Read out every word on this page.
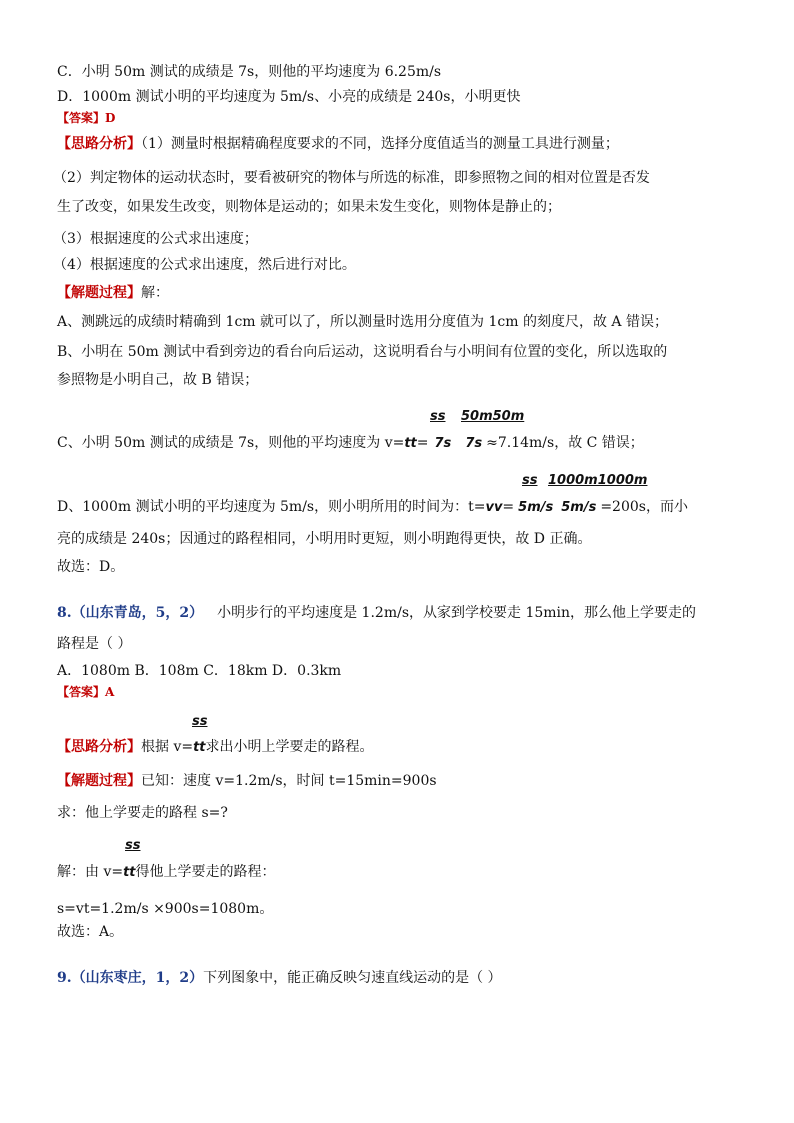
C．小明 50m 测试的成绩是 7s，则他的平均速度为 6.25m/s
D．1000m 测试小明的平均速度为 5m/s、小亮的成绩是 240s，小明更快
【答案】D
【思路分析】（1）测量时根据精确程度要求的不同，选择分度值适当的测量工具进行测量；
（2）判定物体的运动状态时，要看被研究的物体与所选的标准，即参照物之间的相对位置是否发
生了改变，如果发生改变，则物体是运动的；如果未发生变化，则物体是静止的；
（3）根据速度的公式求出速度；
（4）根据速度的公式求出速度，然后进行对比。
【解题过程】解：
A、测跳远的成绩时精确到 1cm 就可以了，所以测量时选用分度值为 1cm 的刻度尺，故 A 错误；
B、小明在 50m 测试中看到旁边的看台向后运动，这说明看台与小明间有位置的变化，所以选取的
参照物是小明自己，故 B 错误；
ss 50m50m
C、小明 50m 测试的成绩是 7s，则他的平均速度为 v=tt= 7s 7s ≈7.14m/s，故 C 错误；
ss 1000m1000m
D、1000m 测试小明的平均速度为 5m/s，则小明所用的时间为：t=vv= 5m/s 5m/s =200s，而小
亮的成绩是 240s；因通过的路程相同，小明用时更短，则小明跑得更快，故 D 正确。
故选：D。
8.（山东青岛，5，2） 小明步行的平均速度是 1.2m/s，从家到学校要走 15min，那么他上学要走的
路程是（ ）
A．1080m B．108m C．18km D．0.3km
【答案】A
ss
【思路分析】根据 v=tt求出小明上学要走的路程。
【解题过程】已知：速度 v=1.2m/s，时间 t=15min=900s
求：他上学要走的路程 s=?
ss
解：由 v=tt得他上学要走的路程：
s=vt=1.2m/s ×900s=1080m。
故选：A。
9.（山东枣庄，1，2）下列图象中，能正确反映匀速直线运动的是（ ）
